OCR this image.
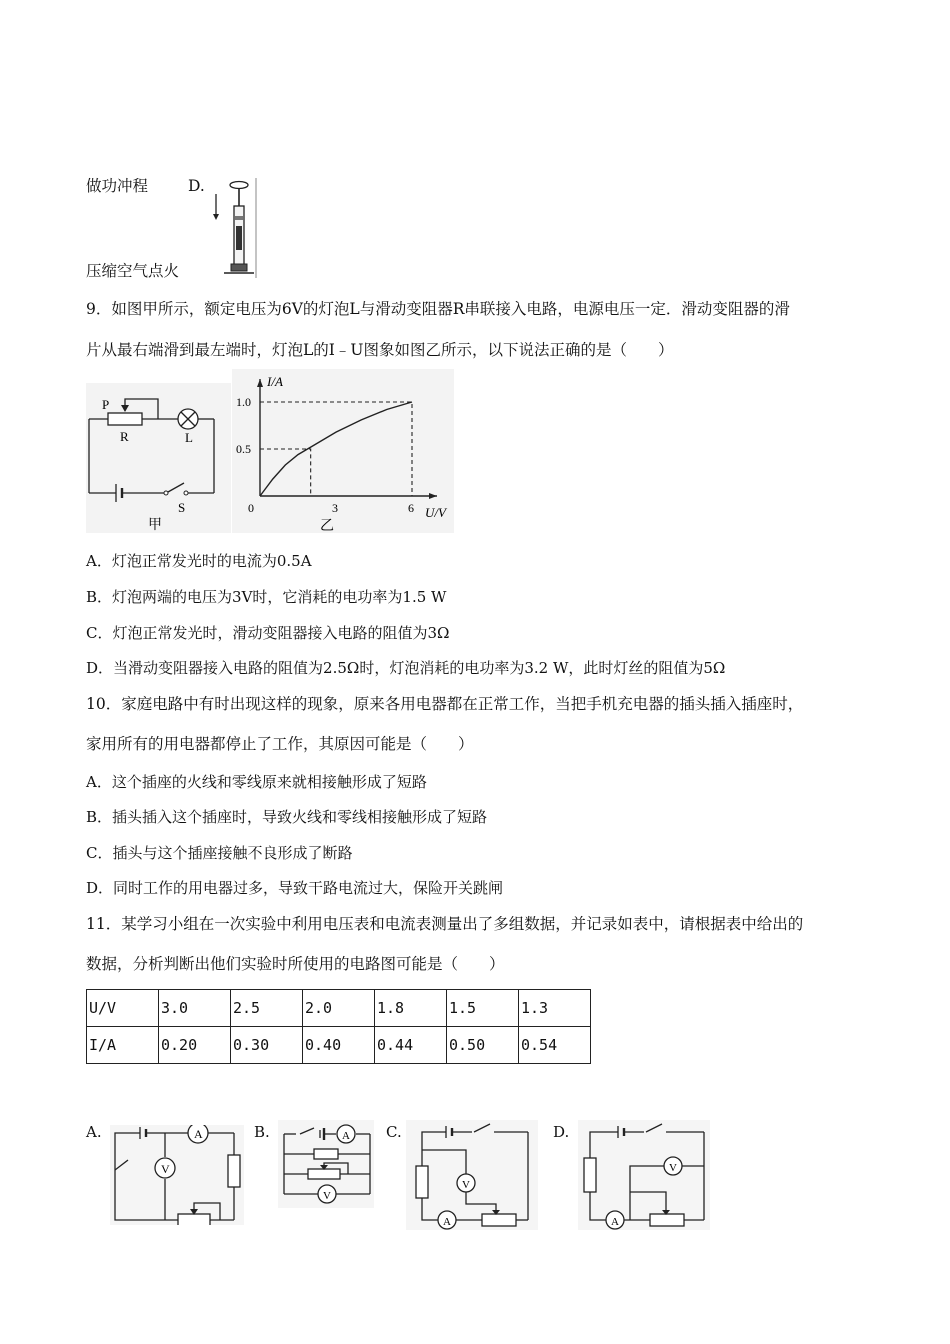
做功冲程	D.
压缩空气点火
9．如图甲所示，额定电压为6V的灯泡L与滑动变阻器R串联接入电路，电源电压一定．滑动变阻器的滑
片从最右端滑到最左端时，灯泡L的I﹣U图象如图乙所示，以下说法正确的是（　　）
P
R	L
S
甲
3	6
0.5
1.0
I/A
U/V
0
乙
A．灯泡正常发光时的电流为0.5A
B．灯泡两端的电压为3V时，它消耗的电功率为1.5 W
C．灯泡正常发光时，滑动变阻器接入电路的阻值为3Ω
D．当滑动变阻器接入电路的阻值为2.5Ω时，灯泡消耗的电功率为3.2 W，此时灯丝的阻值为5Ω
10．家庭电路中有时出现这样的现象，原来各用电器都在正常工作，当把手机充电器的插头插入插座时，
家用所有的用电器都停止了工作，其原因可能是（　　）
A．这个插座的火线和零线原来就相接触形成了短路
B．插头插入这个插座时，导致火线和零线相接触形成了短路
C．插头与这个插座接触不良形成了断路
D．同时工作的用电器过多，导致干路电流过大，保险开关跳闸
11．某学习小组在一次实验中利用电压表和电流表测量出了多组数据，并记录如表中，请根据表中给出的
数据，分析判断出他们实验时所使用的电路图可能是（　　）
U/V	3.0	2.5	2.0	1.8	1.5	1.3
I/A	0.20	0.30	0.40	0.44	0.50	0.54
A.	B.	C.	D.
A
V
A
V
A
V
A
V
